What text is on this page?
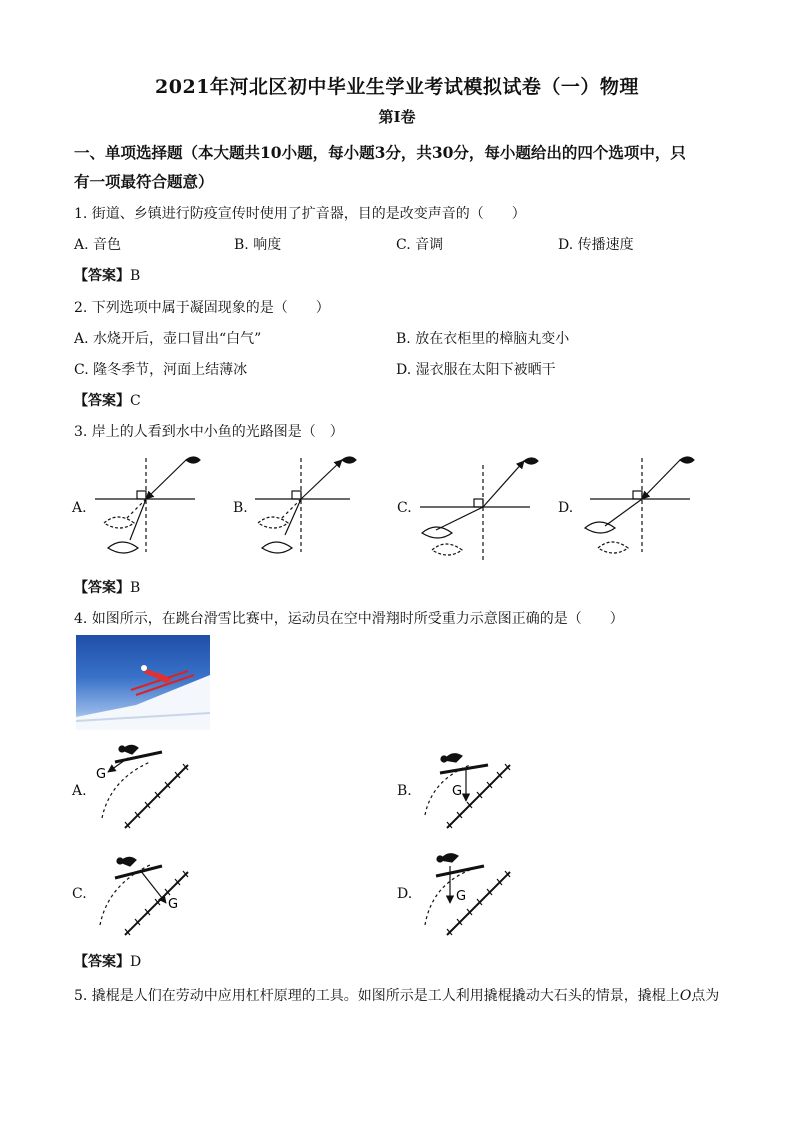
2021年河北区初中毕业生学业考试模拟试卷（一）物理
第Ⅰ卷
一、单项选择题（本大题共10小题，每小题3分，共30分，每小题给出的四个选项中，只
有一项最符合题意）
1. 街道、乡镇进行防疫宣传时使用了扩音器，目的是改变声音的（　　）
A. 音色	B. 响度	C. 音调	D. 传播速度
【答案】B
2. 下列选项中属于凝固现象的是（　　）
A. 水烧开后，壶口冒出“白气”	B. 放在衣柜里的樟脑丸变小
C. 隆冬季节，河面上结薄冰	D. 湿衣服在太阳下被晒干
【答案】C
3. 岸上的人看到水中小鱼的光路图是（　）
A.	B.	C.	D.
【答案】B
4. 如图所示，在跳台滑雪比赛中，运动员在空中滑翔时所受重力示意图正确的是（　　）
A.	B.
C.	D.
G
G
G
G
【答案】D
5. 撬棍是人们在劳动中应用杠杆原理的工具。如图所示是工人利用撬棍撬动大石头的情景，撬棍上O点为
